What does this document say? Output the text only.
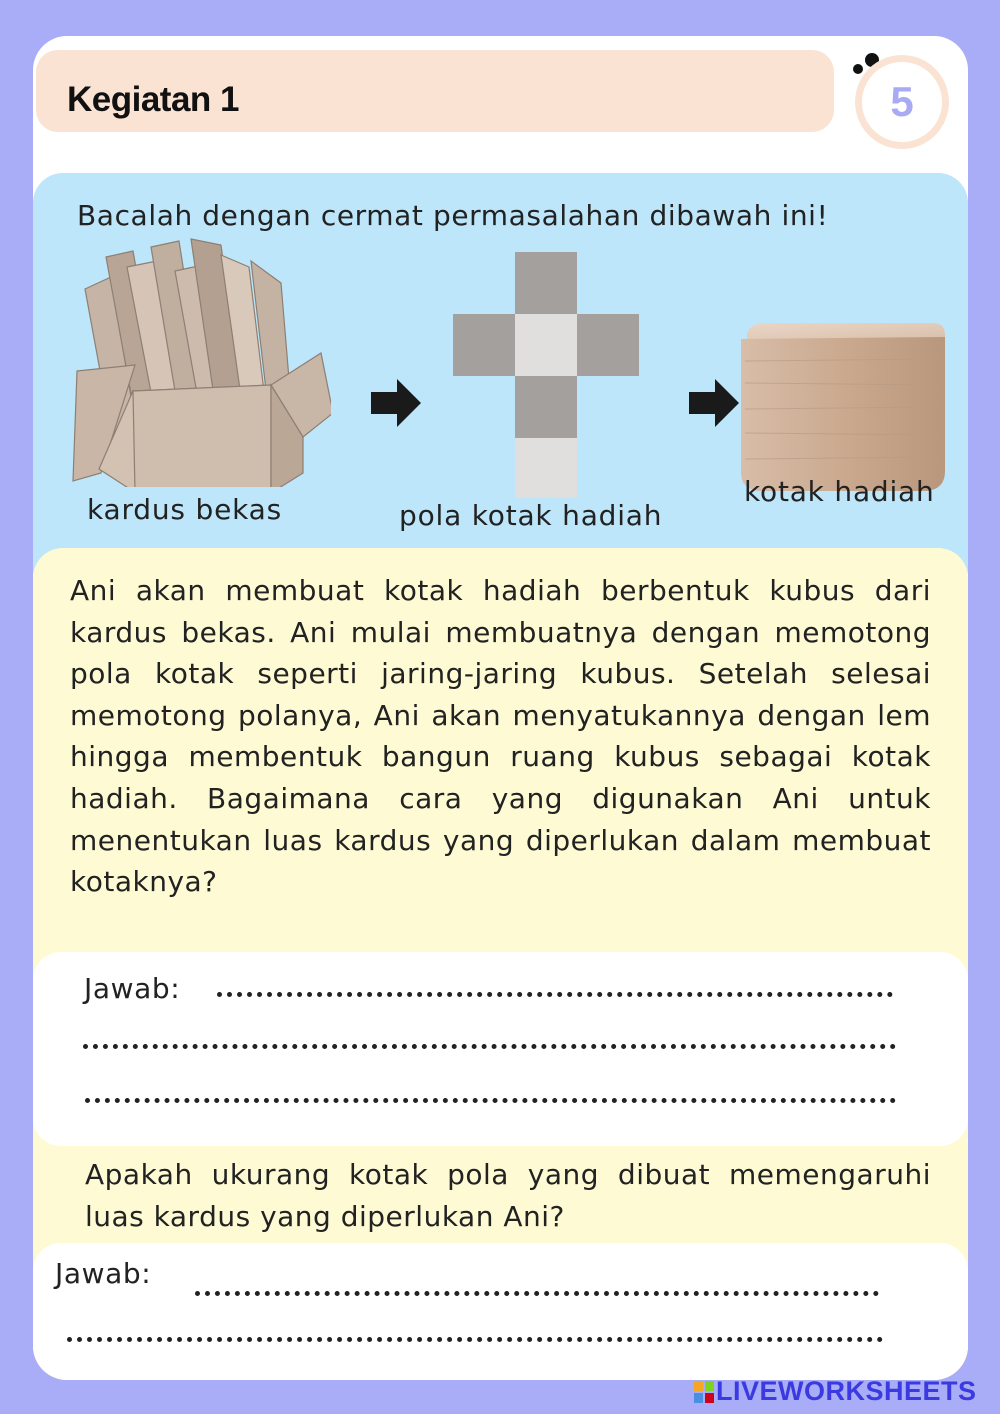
Kegiatan 1	5
Bacalah dengan cermat permasalahan dibawah ini!
kardus bekas	pola kotak hadiah
kotak hadiah

Ani akan membuat kotak hadiah berbentuk kubus dari kardus bekas. Ani mulai membuatnya dengan memotong pola kotak seperti jaring-jaring kubus. Setelah selesai memotong polanya, Ani akan menyatukannya dengan lem hingga membentuk bangun ruang kubus sebagai kotak hadiah. Bagaimana cara yang digunakan Ani untuk menentukan luas kardus yang diperlukan dalam membuat kotaknya?

Jawab:

Apakah ukurang kotak pola yang dibuat memengaruhi luas kardus yang diperlukan Ani?

Jawab:
LIVEWORKSHEETS
